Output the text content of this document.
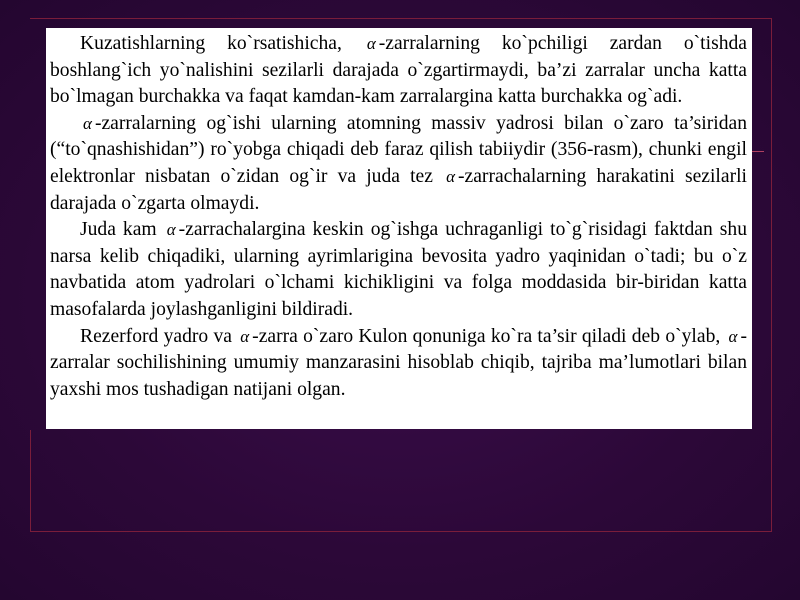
Kuzatishlarning ko`rsatishicha, α -zarralarning ko`pchiligi zardan o`tishda boshlang`ich yo`nalishini sezilarli darajada o`zgartirmaydi, ba’zi zarralar uncha katta bo`lmagan burchakka va faqat kamdan-kam zarralargina katta burchakka og`adi.

α -zarralarning og`ishi ularning atomning massiv yadrosi bilan o`zaro ta’siridan (“to`qnashishidan”) ro`yobga chiqadi deb faraz qilish tabiiydir (356-rasm), chunki engil elektronlar nisbatan o`zidan og`ir va juda tez α -zarrachalarning harakatini sezilarli darajada o`zgarta olmaydi.

Juda kam α -zarrachalargina keskin og`ishga uchraganligi to`g`risidagi faktdan shu narsa kelib chiqadiki, ularning ayrimlarigina bevosita yadro yaqinidan o`tadi; bu o`z navbatida atom yadrolari o`lchami kichikligini va folga moddasida bir-biridan katta masofalarda joylashganligini bildiradi.

Rezerford yadro va α -zarra o`zaro Kulon qonuniga ko`ra ta’sir qiladi deb o`ylab, α -zarralar sochilishining umumiy manzarasini hisoblab chiqib, tajriba ma’lumotlari bilan yaxshi mos tushadigan natijani olgan.
